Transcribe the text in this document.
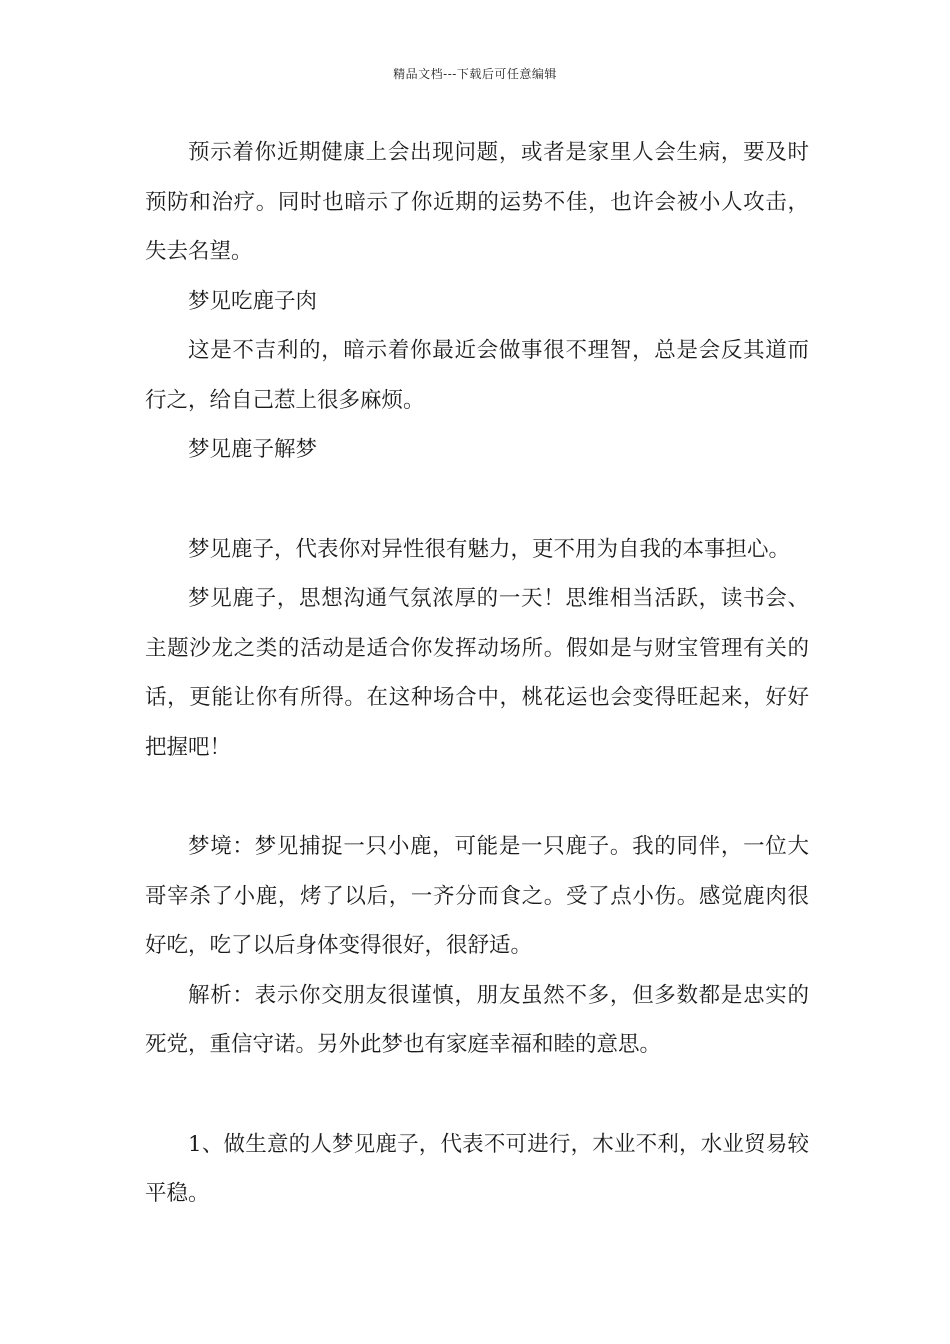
精品文档---下载后可任意编辑

预示着你近期健康上会出现问题，或者是家里人会生病，要及时预防和治疗。同时也暗示了你近期的运势不佳，也许会被小人攻击，失去名望。

梦见吃鹿子肉

这是不吉利的，暗示着你最近会做事很不理智，总是会反其道而行之，给自己惹上很多麻烦。

梦见鹿子解梦

梦见鹿子，代表你对异性很有魅力，更不用为自我的本事担心。

梦见鹿子，思想沟通气氛浓厚的一天！思维相当活跃，读书会、主题沙龙之类的活动是适合你发挥动场所。假如是与财宝管理有关的话，更能让你有所得。在这种场合中，桃花运也会变得旺起来，好好把握吧！

梦境：梦见捕捉一只小鹿，可能是一只鹿子。我的同伴，一位大哥宰杀了小鹿，烤了以后，一齐分而食之。受了点小伤。感觉鹿肉很好吃，吃了以后身体变得很好，很舒适。

解析：表示你交朋友很谨慎，朋友虽然不多，但多数都是忠实的死党，重信守诺。另外此梦也有家庭幸福和睦的意思。

1、做生意的人梦见鹿子，代表不可进行，木业不利，水业贸易较平稳。
